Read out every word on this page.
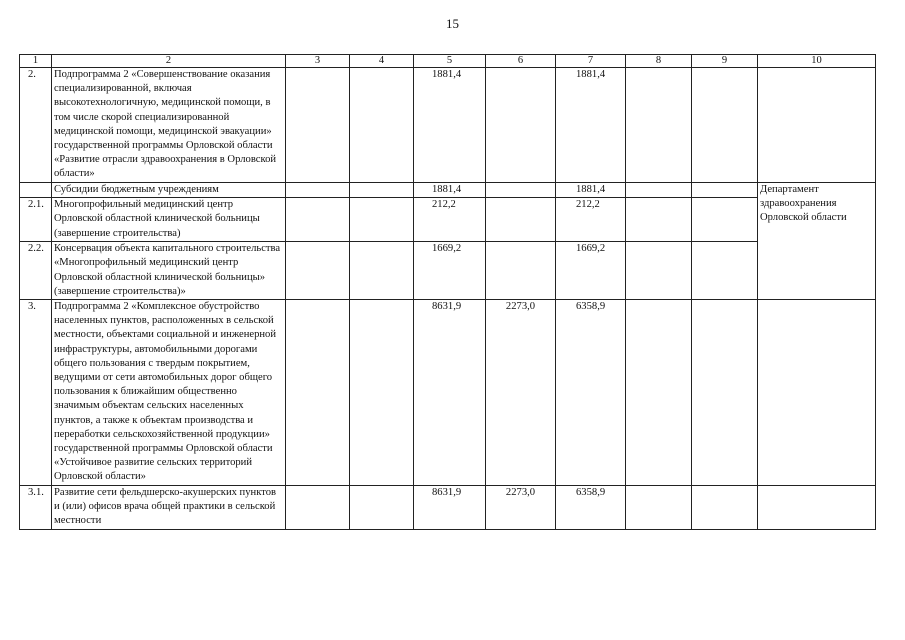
15
1	2	3	4	5	6	7	8	9	10
2.	Подпрограмма 2 «Совершенствование оказания специализированной, включая высокотехнологичную, медицинской помощи, в том числе скорой специализированной медицинской помощи, медицинской эвакуации» государственной программы Орловской области «Развитие отрасли здравоохранения в Орловской области»			1881,4		1881,4			
	Субсидии бюджетным учреждениям			1881,4		1881,4			Департамент здравоохранения Орловской области
2.1.	Многопрофильный медицинский центр Орловской областной клинической больницы (завершение строительства)			212,2		212,2			
2.2.	Консервация объекта капитального строительства «Многопрофильный медицинский центр Орловской областной клинической больницы» (завершение строительства)»			1669,2		1669,2			
3.	Подпрограмма 2 «Комплексное обустройство населенных пунктов, расположенных в сельской местности, объектами социальной и инженерной инфраструктуры, автомобильными дорогами общего пользования с твердым покрытием, ведущими от сети автомобильных дорог общего пользования к ближайшим общественно значимым объектам сельских населенных пунктов, а также к объектам производства и переработки сельскохозяйственной продукции» государственной программы Орловской области «Устойчивое развитие сельских территорий Орловской области»			8631,9	2273,0	6358,9			
3.1.	Развитие сети фельдшерско-акушерских пунктов и (или) офисов врача общей практики в сельской местности			8631,9	2273,0	6358,9			
